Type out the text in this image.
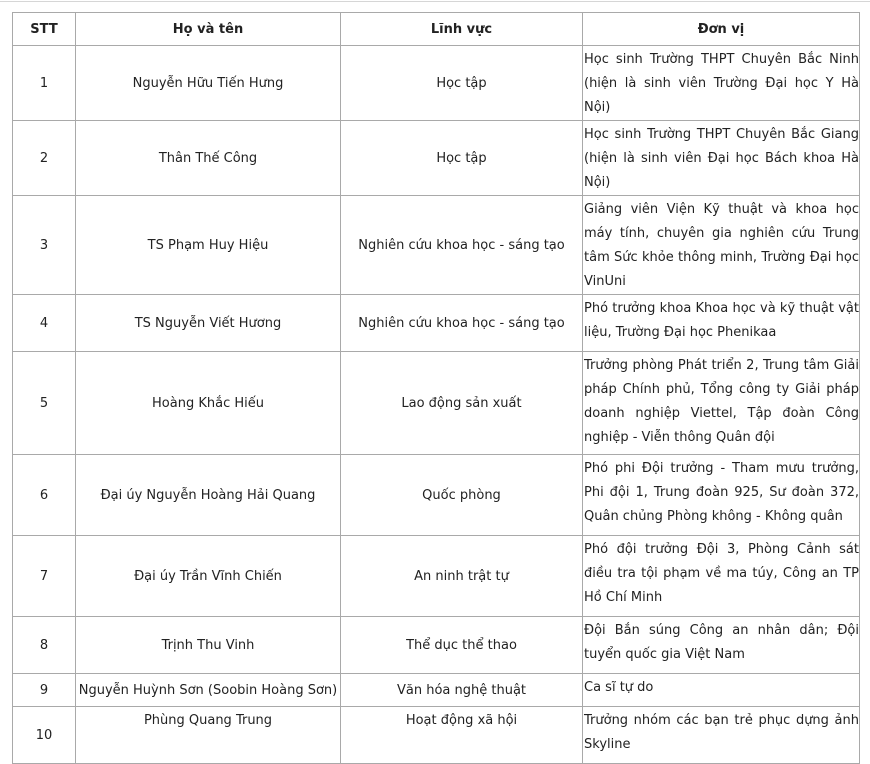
STT	Họ và tên	Lĩnh vực	Đơn vị
1	Nguyễn Hữu Tiến Hưng	Học tập	Học sinh Trường THPT Chuyên Bắc Ninh (hiện là sinh viên Trường Đại học Y Hà Nội)
2	Thân Thế Công	Học tập	Học sinh Trường THPT Chuyên Bắc Giang (hiện là sinh viên Đại học Bách khoa Hà Nội)
3	TS Phạm Huy Hiệu	Nghiên cứu khoa học - sáng tạo	Giảng viên Viện Kỹ thuật và khoa học máy tính, chuyên gia nghiên cứu Trung tâm Sức khỏe thông minh, Trường Đại học VinUni
4	TS Nguyễn Viết Hương	Nghiên cứu khoa học - sáng tạo	Phó trưởng khoa Khoa học và kỹ thuật vật liệu, Trường Đại học Phenikaa
5	Hoàng Khắc Hiếu	Lao động sản xuất	Trưởng phòng Phát triển 2, Trung tâm Giải pháp Chính phủ, Tổng công ty Giải pháp doanh nghiệp Viettel, Tập đoàn Công nghiệp - Viễn thông Quân đội
6	Đại úy Nguyễn Hoàng Hải Quang	Quốc phòng	Phó phi Đội trưởng - Tham mưu trưởng, Phi đội 1, Trung đoàn 925, Sư đoàn 372, Quân chủng Phòng không - Không quân
7	Đại úy Trần Vĩnh Chiến	An ninh trật tự	Phó đội trưởng Đội 3, Phòng Cảnh sát điều tra tội phạm về ma túy, Công an TP Hồ Chí Minh
8	Trịnh Thu Vinh	Thể dục thể thao	Đội Bắn súng Công an nhân dân; Đội tuyển quốc gia Việt Nam
9	Nguyễn Huỳnh Sơn (Soobin Hoàng Sơn)	Văn hóa nghệ thuật	Ca sĩ tự do
10	Phùng Quang Trung	Hoạt động xã hội	Trưởng nhóm các bạn trẻ phục dựng ảnh Skyline
